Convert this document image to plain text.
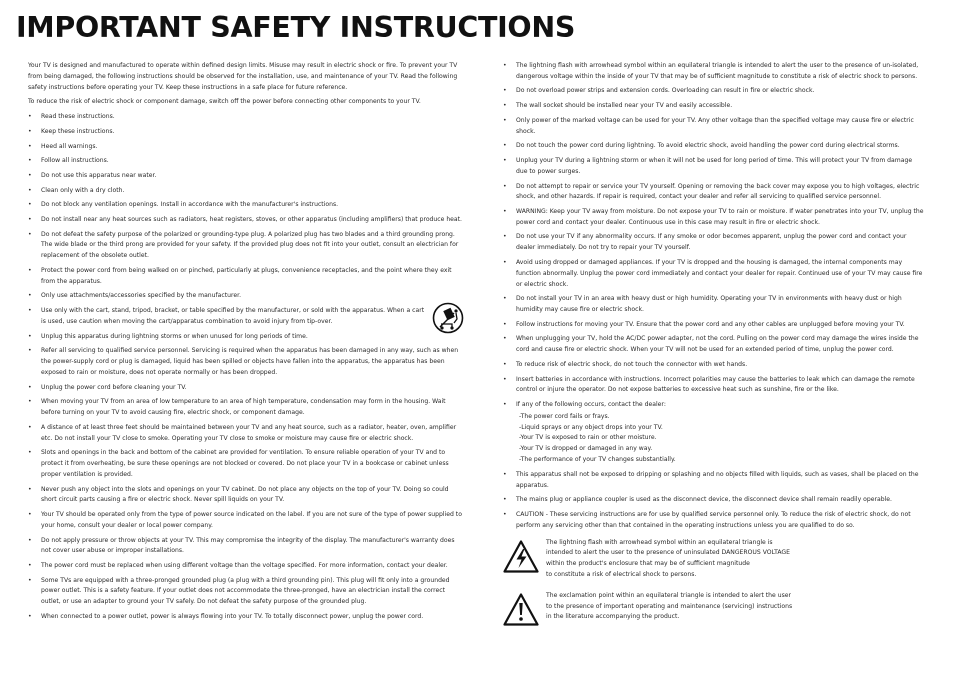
IMPORTANT SAFETY INSTRUCTIONS

Your TV is designed and manufactured to operate within defined design limits. Misuse may result in electric shock or fire. To prevent your TV from being damaged, the following instructions should be observed for the installation, use, and maintenance of your TV. Read the following safety instructions before operating your TV. Keep these instructions in a safe place for future reference.

To reduce the risk of electric shock or component damage, switch off the power before connecting other components to your TV.

• Read these instructions.
• Keep these instructions.
• Heed all warnings.
• Follow all instructions.
• Do not use this apparatus near water.
• Clean only with a dry cloth.
• Do not block any ventilation openings. Install in accordance with the manufacturer's instructions.
• Do not install near any heat sources such as radiators, heat registers, stoves, or other apparatus (including amplifiers) that produce heat.
• Do not defeat the safety purpose of the polarized or grounding-type plug. A polarized plug has two blades and a third grounding prong. The wide blade or the third prong are provided for your safety. If the provided plug does not fit into your outlet, consult an electrician for replacement of the obsolete outlet.
• Protect the power cord from being walked on or pinched, particularly at plugs, convenience receptacles, and the point where they exit from the apparatus.
• Only use attachments/accessories specified by the manufacturer.
• Use only with the cart, stand, tripod, bracket, or table specified by the manufacturer, or sold with the apparatus. When a cart is used, use caution when moving the cart/apparatus combination to avoid injury from tip-over.
• Unplug this apparatus during lightning storms or when unused for long periods of time.
• Refer all servicing to qualified service personnel. Servicing is required when the apparatus has been damaged in any way, such as when the power-supply cord or plug is damaged, liquid has been spilled or objects have fallen into the apparatus, the apparatus has been exposed to rain or moisture, does not operate normally or has been dropped.
• Unplug the power cord before cleaning your TV.
• When moving your TV from an area of low temperature to an area of high temperature, condensation may form in the housing. Wait before turning on your TV to avoid causing fire, electric shock, or component damage.
• A distance of at least three feet should be maintained between your TV and any heat source, such as a radiator, heater, oven, amplifier etc. Do not install your TV close to smoke. Operating your TV close to smoke or moisture may cause fire or electric shock.
• Slots and openings in the back and bottom of the cabinet are provided for ventilation. To ensure reliable operation of your TV and to protect it from overheating, be sure these openings are not blocked or covered. Do not place your TV in a bookcase or cabinet unless proper ventilation is provided.
• Never push any object into the slots and openings on your TV cabinet. Do not place any objects on the top of your TV. Doing so could short circuit parts causing a fire or electric shock. Never spill liquids on your TV.
• Your TV should be operated only from the type of power source indicated on the label. If you are not sure of the type of power supplied to your home, consult your dealer or local power company.
• Do not apply pressure or throw objects at your TV. This may compromise the integrity of the display. The manufacturer's warranty does not cover user abuse or improper installations.
• The power cord must be replaced when using different voltage than the voltage specified. For more information, contact your dealer.
• Some TVs are equipped with a three-pronged grounded plug (a plug with a third grounding pin). This plug will fit only into a grounded power outlet. This is a safety feature. If your outlet does not accommodate the three-pronged, have an electrician install the correct outlet, or use an adapter to ground your TV safely. Do not defeat the safety purpose of the grounded plug.
• When connected to a power outlet, power is always flowing into your TV. To totally disconnect power, unplug the power cord.
• The lightning flash with arrowhead symbol within an equilateral triangle is intended to alert the user to the presence of un-isolated, dangerous voltage within the inside of your TV that may be of sufficient magnitude to constitute a risk of electric shock to persons.
• Do not overload power strips and extension cords. Overloading can result in fire or electric shock.
• The wall socket should be installed near your TV and easily accessible.
• Only power of the marked voltage can be used for your TV. Any other voltage than the specified voltage may cause fire or electric shock.
• Do not touch the power cord during lightning. To avoid electric shock, avoid handling the power cord during electrical storms.
• Unplug your TV during a lightning storm or when it will not be used for long period of time. This will protect your TV from damage due to power surges.
• Do not attempt to repair or service your TV yourself. Opening or removing the back cover may expose you to high voltages, electric shock, and other hazards. If repair is required, contact your dealer and refer all servicing to qualified service personnel.
• WARNING: Keep your TV away from moisture. Do not expose your TV to rain or moisture. If water penetrates into your TV, unplug the power cord and contact your dealer. Continuous use in this case may result in fire or electric shock.
• Do not use your TV if any abnormality occurs. If any smoke or odor becomes apparent, unplug the power cord and contact your dealer immediately. Do not try to repair your TV yourself.
• Avoid using dropped or damaged appliances. If your TV is dropped and the housing is damaged, the internal components may function abnormally. Unplug the power cord immediately and contact your dealer for repair. Continued use of your TV may cause fire or electric shock.
• Do not install your TV in an area with heavy dust or high humidity. Operating your TV in environments with heavy dust or high humidity may cause fire or electric shock.
• Follow instructions for moving your TV. Ensure that the power cord and any other cables are unplugged before moving your TV.
• When unplugging your TV, hold the AC/DC power adapter, not the cord. Pulling on the power cord may damage the wires inside the cord and cause fire or electric shock. When your TV will not be used for an extended period of time, unplug the power cord.
• To reduce risk of electric shock, do not touch the connector with wet hands.
• Insert batteries in accordance with instructions. Incorrect polarities may cause the batteries to leak which can damage the remote control or injure the operator. Do not expose batteries to excessive heat such as sunshine, fire or the like.
• If any of the following occurs, contact the dealer:
-The power cord fails or frays.
-Liquid sprays or any object drops into your TV.
-Your TV is exposed to rain or other moisture.
-Your TV is dropped or damaged in any way.
-The performance of your TV changes substantially.
• This apparatus shall not be exposed to dripping or splashing and no objects filled with liquids, such as vases, shall be placed on the apparatus.
• The mains plug or appliance coupler is used as the disconnect device, the disconnect device shall remain readily operable.
• CAUTION - These servicing instructions are for use by qualified service personnel only. To reduce the risk of electric shock, do not perform any servicing other than that contained in the operating instructions unless you are qualified to do so.

The lightning flash with arrowhead symbol within an equilateral triangle is
intended to alert the user to the presence of uninsulated DANGEROUS VOLTAGE
within the product's enclosure that may be of sufficient magnitude
to constitute a risk of electrical shock to persons.

The exclamation point within an equilateral triangle is intended to alert the user
to the presence of important operating and maintenance (servicing) instructions
in the literature accompanying the product.
